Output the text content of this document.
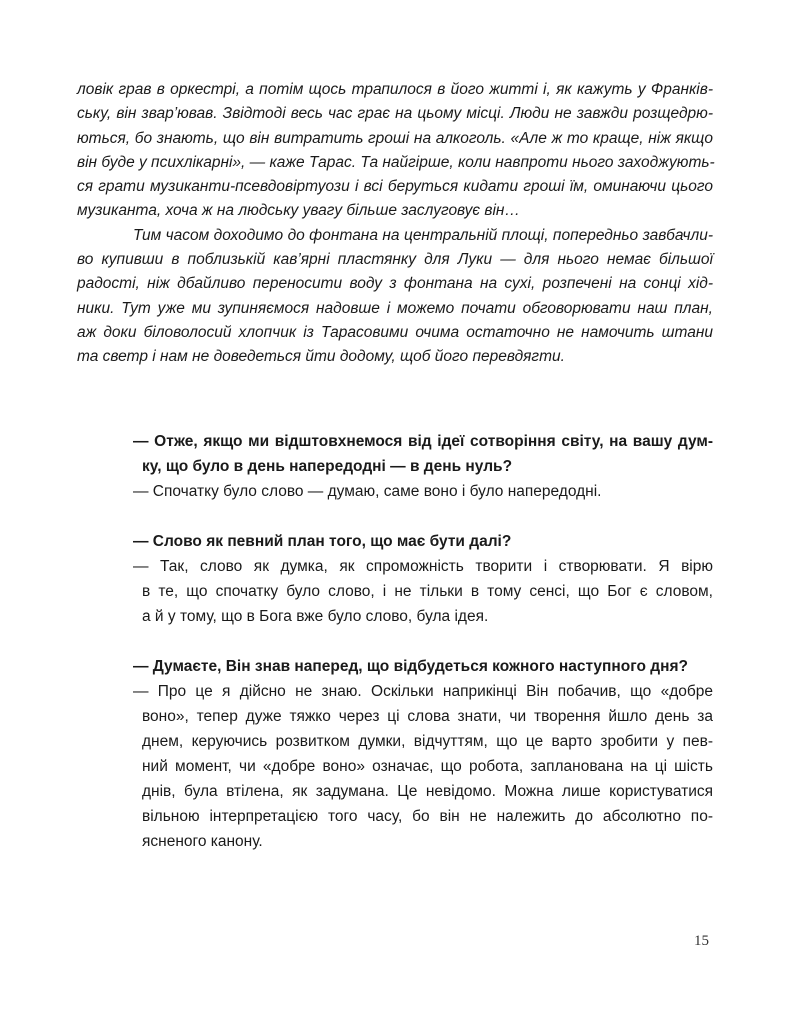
ловік грав в оркестрі, а потім щось трапилося в його житті і, як кажуть у Франків-
ську, він звар’ював. Звідтоді весь час грає на цьому місці. Люди не завжди розщедрю-
ються, бо знають, що він витратить гроші на алкоголь. «Але ж то краще, ніж якщо
він буде у психлікарні», — каже Тарас. Та найгірше, коли навпроти нього заходжують-
ся грати музиканти-псевдовіртуози і всі беруться кидати гроші їм, оминаючи цього
музиканта, хоча ж на людську увагу більше заслуговує він…
Тим часом доходимо до фонтана на центральній площі, попередньо завбачли-
во купивши в поблизькій кав’ярні пластянку для Луки — для нього немає більшої
радості, ніж дбайливо переносити воду з фонтана на сухі, розпечені на сонці хід-
ники. Тут уже ми зупиняємося надовше і можемо почати обговорювати наш план,
аж доки біловолосий хлопчик із Тарасовими очима остаточно не намочить штани
та светр і нам не доведеться йти додому, щоб його перевдягти.
— Отже, якщо ми відштовхнемося від ідеї сотворіння світу, на вашу дум-
ку, що було в день напередодні — в день нуль?
— Спочатку було слово — думаю, саме воно і було напередодні.
— Слово як певний план того, що має бути далі?
— Так, слово як думка, як спроможність творити і створювати. Я вірю
в те, що спочатку було слово, і не тільки в тому сенсі, що Бог є словом,
а й у тому, що в Бога вже було слово, була ідея.
— Думаєте, Він знав наперед, що відбудеться кожного наступного дня?
— Про це я дійсно не знаю. Оскільки наприкінці Він побачив, що «добре
воно», тепер дуже тяжко через ці слова знати, чи творення йшло день за
днем, керуючись розвитком думки, відчуттям, що це варто зробити у пев-
ний момент, чи «добре воно» означає, що робота, запланована на ці шість
днів, була втілена, як задумана. Це невідомо. Можна лише користуватися
вільною інтерпретацією того часу, бо він не належить до абсолютно по-
ясненого канону.
15
